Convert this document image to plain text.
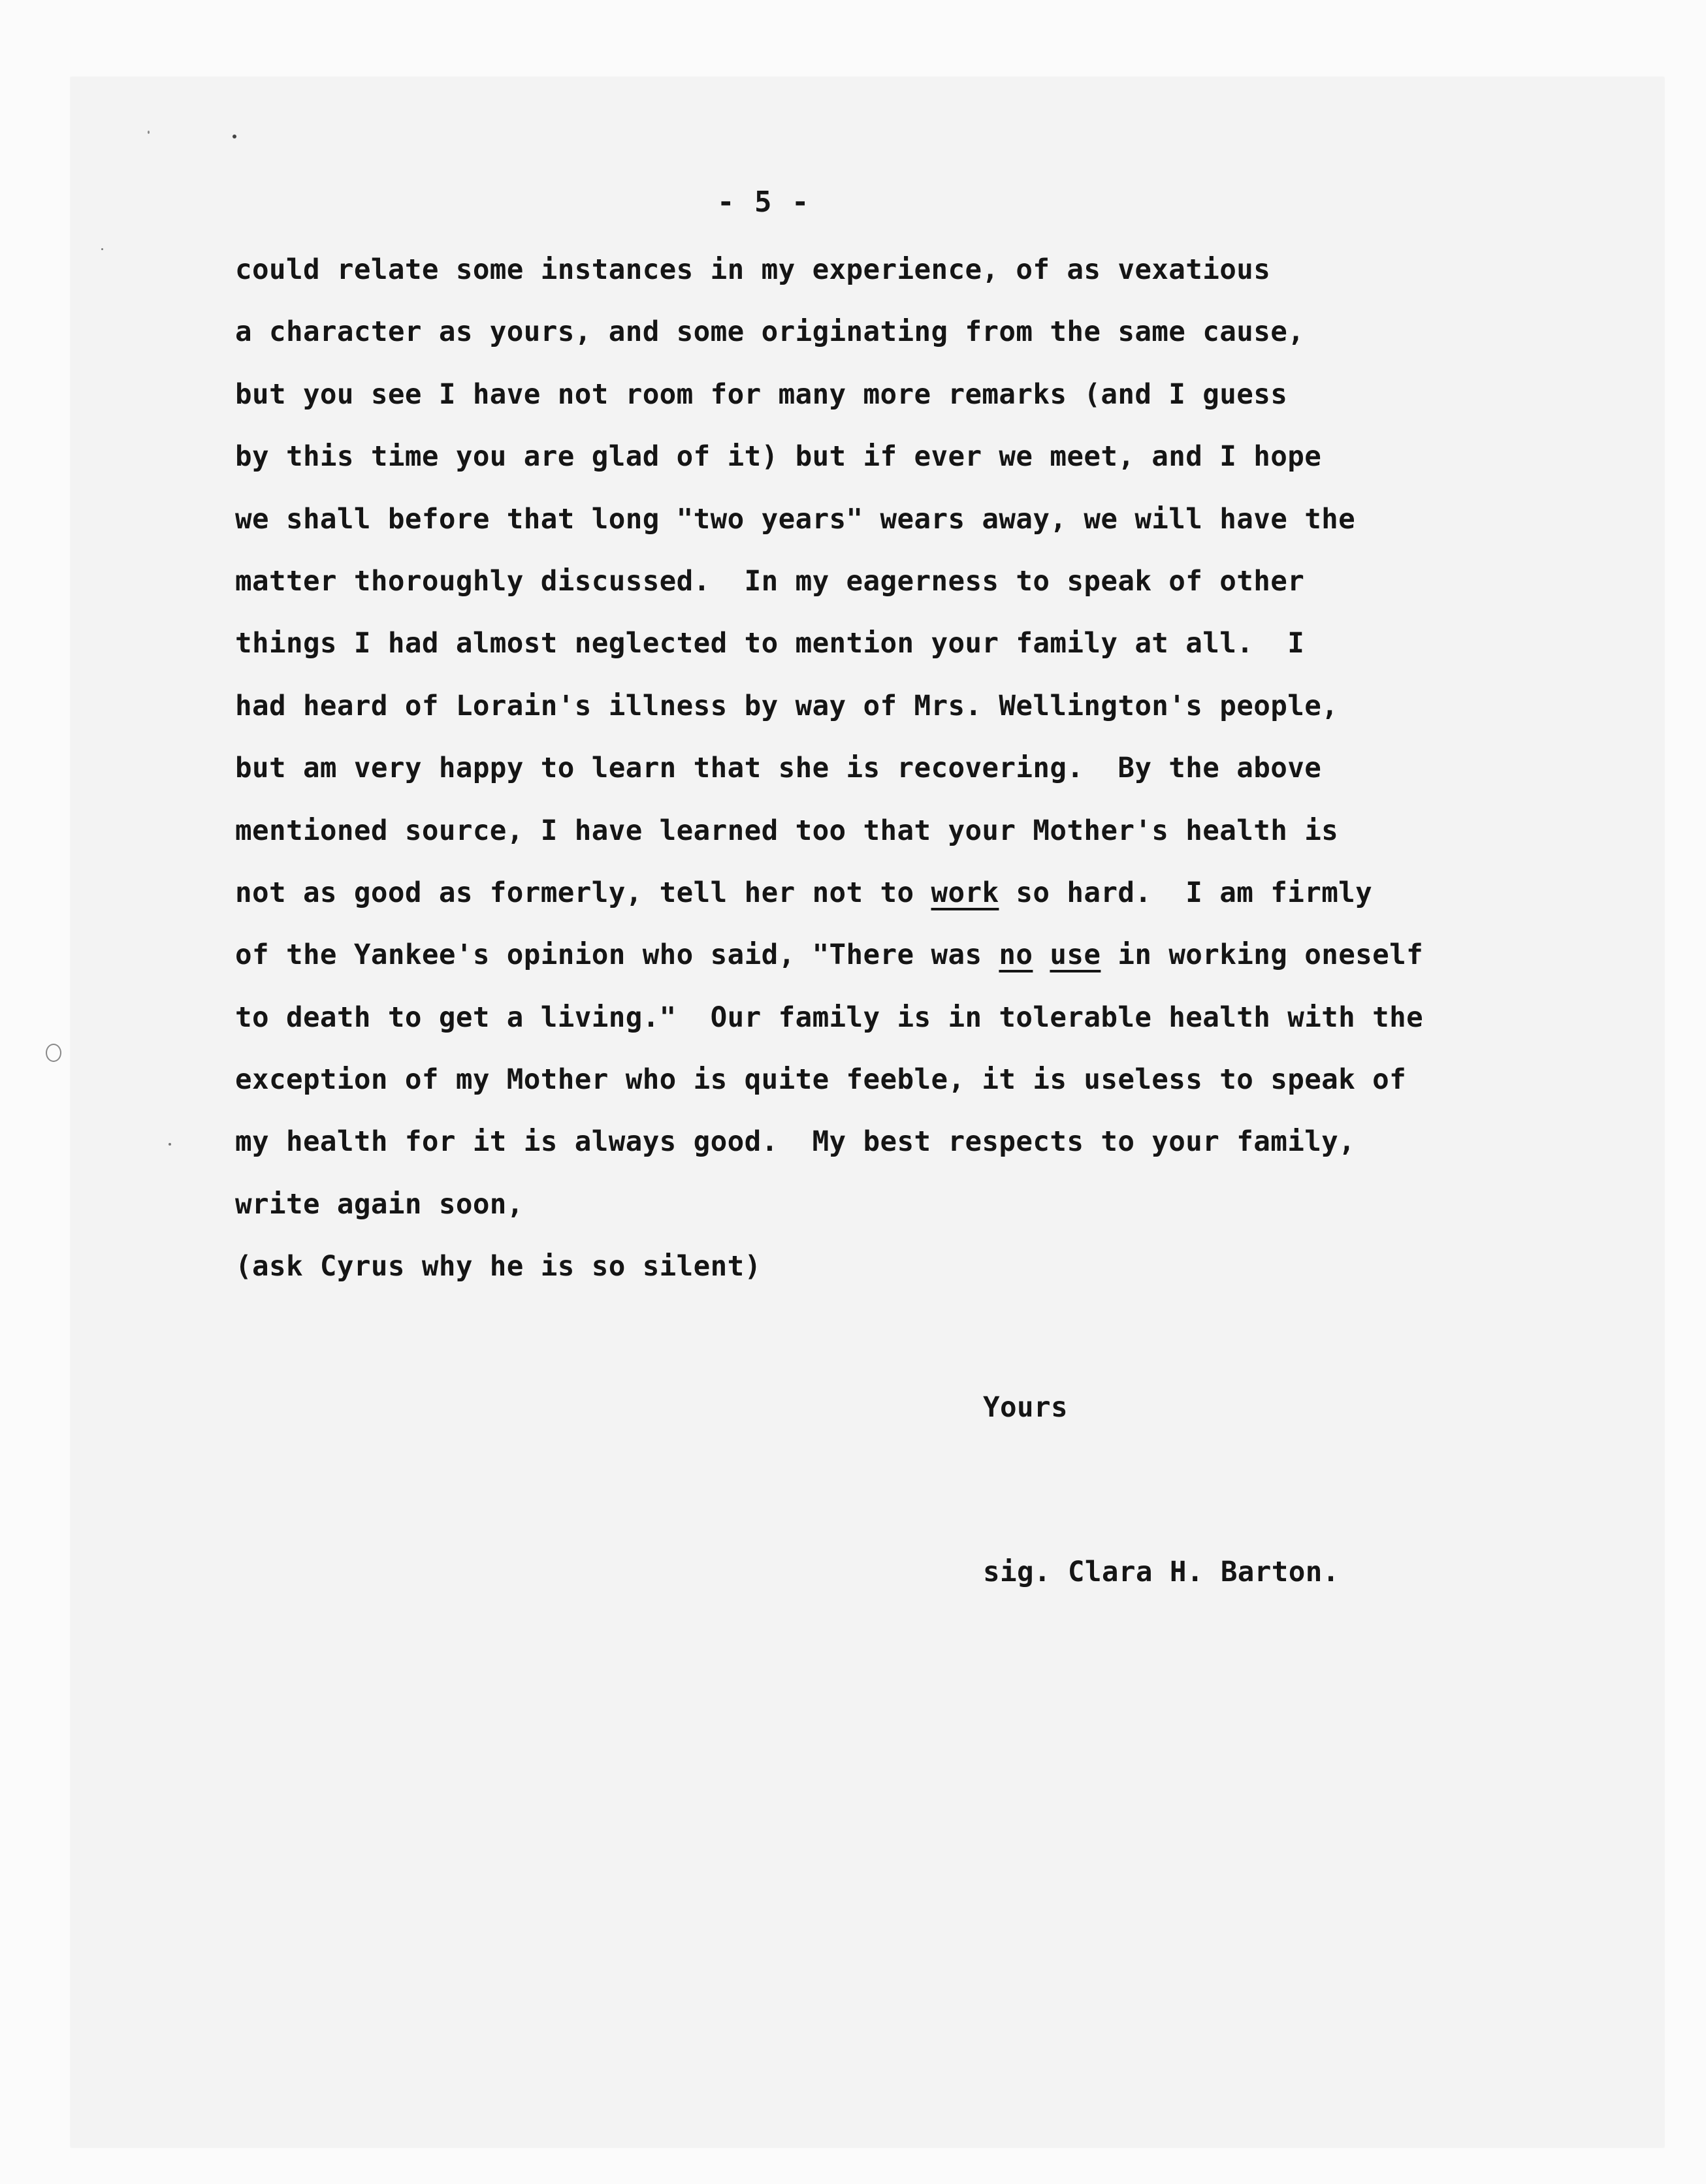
- 5 -
could relate some instances in my experience, of as vexatious
a character as yours, and some originating from the same cause,
but you see I have not room for many more remarks (and I guess
by this time you are glad of it) but if ever we meet, and I hope
we shall before that long "two years" wears away, we will have the
matter thoroughly discussed.  In my eagerness to speak of other
things I had almost neglected to mention your family at all.  I
had heard of Lorain's illness by way of Mrs. Wellington's people,
but am very happy to learn that she is recovering.  By the above
mentioned source, I have learned too that your Mother's health is
not as good as formerly, tell her not to work so hard.  I am firmly
of the Yankee's opinion who said, "There was no use in working oneself
to death to get a living."  Our family is in tolerable health with the
exception of my Mother who is quite feeble, it is useless to speak of
my health for it is always good.  My best respects to your family,
write again soon,
(ask Cyrus why he is so silent)

Yours

sig. Clara H. Barton.
